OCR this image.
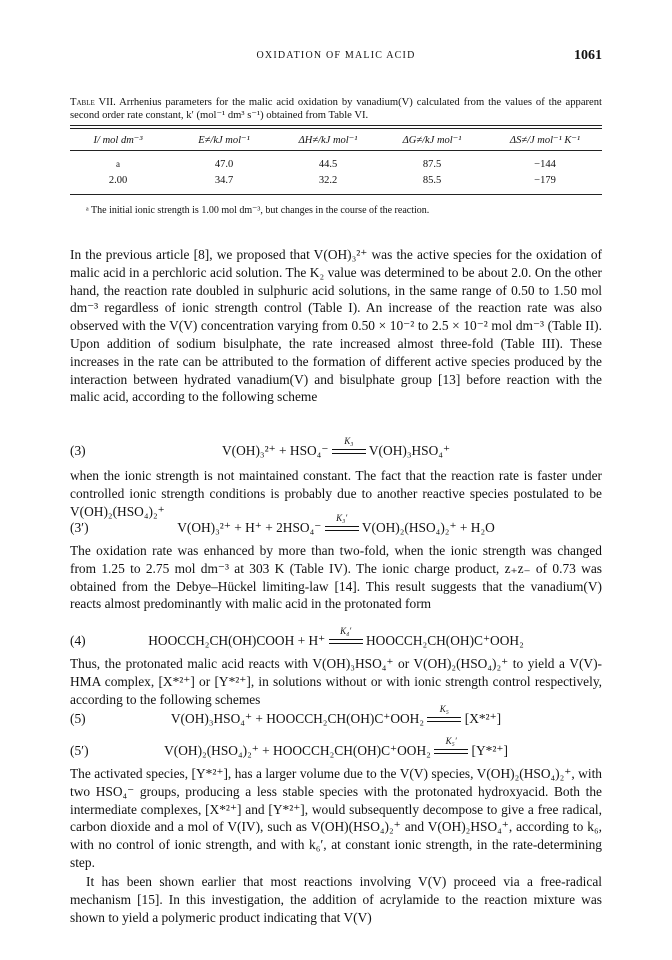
OXIDATION OF MALIC ACID	1061
Table VII. Arrhenius parameters for the malic acid oxidation by vanadium(V) calculated from the values of the apparent second order rate constant, k′ (mol⁻¹ dm³ s⁻¹) obtained from Table VI.
I/ mol dm⁻³	E≠/kJ mol⁻¹	ΔH≠/kJ mol⁻¹	ΔG≠/kJ mol⁻¹	ΔS≠/J mol⁻¹ K⁻¹
a	47.0	44.5	87.5	−144
2.00	34.7	32.2	85.5	−179
ᵃ The initial ionic strength is 1.00 mol dm⁻³, but changes in the course of the reaction.
In the previous article [8], we proposed that V(OH)₃²⁺ was the active species for the oxidation of malic acid in a perchloric acid solution. The K₂ value was determined to be about 2.0. On the other hand, the reaction rate doubled in sulphuric acid solutions, in the same range of 0.50 to 1.50 mol dm⁻³ regardless of ionic strength control (Table I). An increase of the reaction rate was also observed with the V(V) concentration varying from 0.50 × 10⁻² to 2.5 × 10⁻² mol dm⁻³ (Table II). Upon addition of sodium bisulphate, the rate increased almost three-fold (Table III). These increases in the rate can be attributed to the formation of different active species produced by the interaction between hydrated vanadium(V) and bisulphate group [13] before reaction with the malic acid, according to the following scheme
(3)	V(OH)₃²⁺ + HSO₄⁻
K₃
V(OH)₃HSO₄⁺
when the ionic strength is not maintained constant. The fact that the reaction rate is faster under controlled ionic strength conditions is probably due to another reactive species postulated to be V(OH)₂(HSO₄)₂⁺
(3′)	V(OH)₃²⁺ + H⁺ + 2HSO₄⁻
K₃′
V(OH)₂(HSO₄)₂⁺ + H₂O
The oxidation rate was enhanced by more than two-fold, when the ionic strength was changed from 1.25 to 2.75 mol dm⁻³ at 303 K (Table IV). The ionic charge product, z₊z₋ of 0.73 was obtained from the Debye–Hückel limiting-law [14]. This result suggests that the vanadium(V) reacts almost predominantly with malic acid in the protonated form
(4)	HOOCCH₂CH(OH)COOH + H⁺
K₄′
HOOCCH₂CH(OH)C⁺OOH₂
Thus, the protonated malic acid reacts with V(OH)₃HSO₄⁺ or V(OH)₂(HSO₄)₂⁺ to yield a V(V)-HMA complex, [X*²⁺] or [Y*²⁺], in solutions without or with ionic strength control respectively, according to the following schemes
(5)	V(OH)₃HSO₄⁺ + HOOCCH₂CH(OH)C⁺OOH₂
K₅
[X*²⁺]
(5′)	V(OH)₂(HSO₄)₂⁺ + HOOCCH₂CH(OH)C⁺OOH₂
K₅′
[Y*²⁺]
The activated species, [Y*²⁺], has a larger volume due to the V(V) species, V(OH)₂(HSO₄)₂⁺, with two HSO₄⁻ groups, producing a less stable species with the protonated hydroxyacid. Both the intermediate complexes, [X*²⁺] and [Y*²⁺], would subsequently decompose to give a free radical, carbon dioxide and a mol of V(IV), such as V(OH)(HSO₄)₂⁺ and V(OH)₂HSO₄⁺, according to k₆, with no control of ionic strength, and with k₆′, at constant ionic strength, in the rate-determining step.
It has been shown earlier that most reactions involving V(V) proceed via a free-radical mechanism [15]. In this investigation, the addition of acrylamide to the reaction mixture was shown to yield a polymeric product indicating that V(V)
